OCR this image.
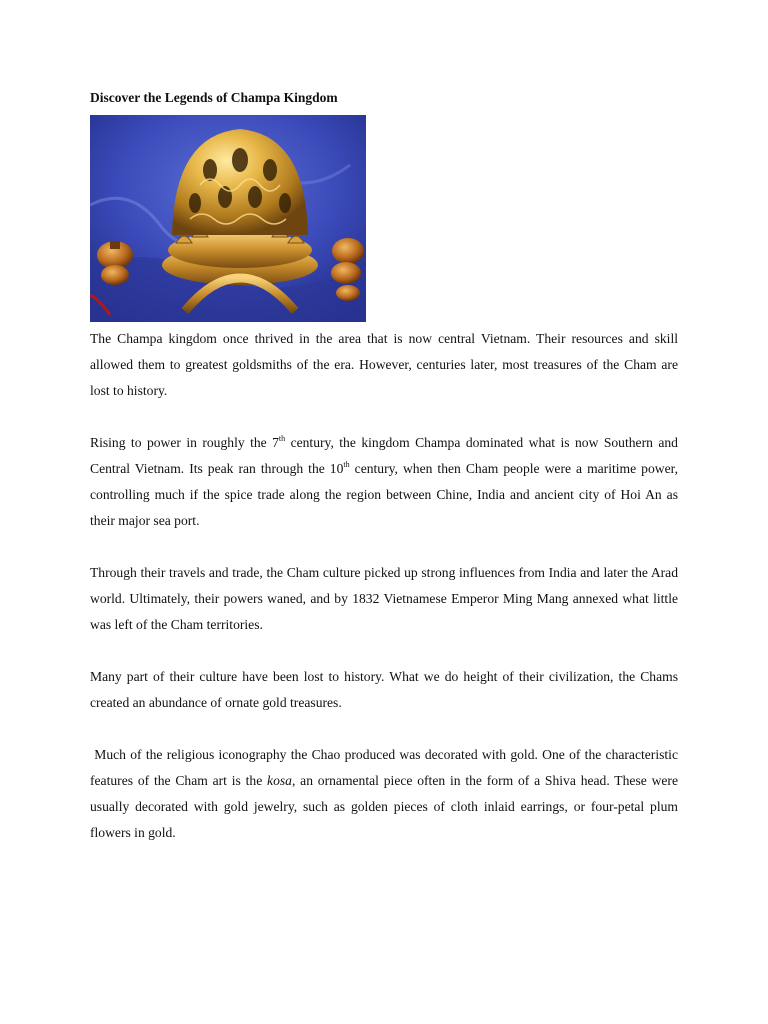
Discover the Legends of Champa Kingdom

The Champa kingdom once thrived in the area that is now central Vietnam. Their resources and skill allowed them to greatest goldsmiths of the era. However, centuries later, most treasures of the Cham are lost to history.

Rising to power in roughly the 7th century, the kingdom Champa dominated what is now Southern and Central Vietnam. Its peak ran through the 10th century, when then Cham people were a maritime power, controlling much if the spice trade along the region between Chine, India and ancient city of Hoi An as their major sea port.

Through their travels and trade, the Cham culture picked up strong influences from India and later the Arad world. Ultimately, their powers waned, and by 1832 Vietnamese Emperor Ming Mang annexed what little was left of the Cham territories.

Many part of their culture have been lost to history. What we do height of their civilization, the Chams created an abundance of ornate gold treasures.

Much of the religious iconography the Chao produced was decorated with gold. One of the characteristic features of the Cham art is the kosa, an ornamental piece often in the form of a Shiva head. These were usually decorated with gold jewelry, such as golden pieces of cloth inlaid earrings, or four-petal plum flowers in gold.
